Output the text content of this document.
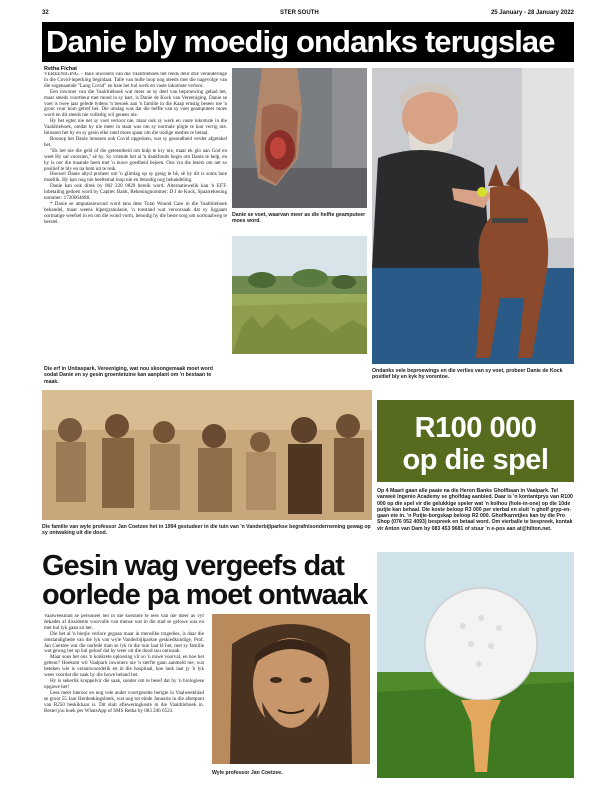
32	STER SOUTH	25 January - 28 January 2022
Danie bly moedig ondanks terugslae
Retha Fichat

VEREENIGING. - Baie inwoners van die Vaaldriehoek het reeds deur drie veranderinge in die Covid-inperking beginlaat. Talle van hulle loop nog steeds met die nagevolge van die sogenaamde "Lang Covid" en baie het hul werk en vaste inkomste verloor.

Een inwoner van die Vaaldriehoek wat meer as sy deel van beproewing gehad het, maar steeds voortbeur met moed in sy hart, is Danie de Kock van Vereeniging. Danie se voet is twee jaar gelede tydens 'n besoek aan 'n familie in die Kaap ernstig beseer toe 'n groot vuur hom getref het. Die uitslag was dat die helfte van sy voet geamputeer moes word en dit steeds nie volledig wil genees nie.

Hy het egter nie net sy voet verloor nie, maar ook sy werk en vaste inkomste in die Vaaldriehoek, omdat hy nie meer in staat was om sy normale pligte te kon verrig nie. Intussen het hy en sy gesin elke rand moes spaar om die nodige medies te betaal.

Boonop het Danie intussen ook Covid opgedoen, wat sy gesondheid verder afgetakel het.

"Ek het nie die geld of die geleentheid om hulp te kry nie, maar ek glo aan God en weet Hy sal voorsien," sê hy. Sy vriende het al 'n dankfonds begin om Danie te help, en hy is oor die maande heen met 'n nuwe goedheid bejeen. Ons vra die lesers om net so positief te bly en na hom uit te reik.

Hoewel Danie altyd probeer om 'n glimlag op sy gesig te hê, sê hy dit is soms baie moeilik. Hy kan nog nie heeltemal loop nie en benodig nog behandeling.

Danie kan ook direk by 082 220 0829 bereik word. Alternatiewelik kan 'n EFT-inbetaling gedoen word by Capitec Bank, Rekeningnommer: D J de Kock, Spaarrekening nommer: 1720064688.

* Danie se amputasiewond word tans deur Total Wound Care in die Vaaldriehoek behandel, maar weens hipergranulasie, 'n toestand wat veroorsaak dat sy liggaam oormatige weefsel in en om die wond vorm, benodig hy die beste sorg om normaalweg te herstel.

Die erf in Unitaspark, Vereeniging, wat nou skoongemaak moet word sodat Danie en sy gesin groentetuine kan aanplant om 'n bestaan te maak.
Danie se voet, waarvan meer as die helfte geamputeer moes word.
Ondanks vele beproewings en die verlies van sy voet, probeer Danie de Kock positief bly en kyk hy vorentoe.
Die familie van wyle professor Jan Coetzee het in 1994 gestudeer in die tuin van 'n Vanderbijlparkse begrafnisonderneming gewag op sy ontwaking uit die dood.
R100 000
op die spel
Op 4 Maart gaan alle paaie na die Heron Banks Gholfbaan in Vaalpark. Tel vanweë Ingenio Academy se gholfdag aanbied. Daar is 'n kontantprys van R100 000 op die spel vir die gelukkige speler wat 'n kolhou (hole-in-one) op die 10de putjie kan behaal. Die koste beloop R3 000 per vierbal en sluit 'n gholf gryp-en-gaan ete in. 'n Putjie-borgskap beloop R2 000. Gholfkarretjies kan by die Pro Shop (076 052 4093) bespreek en betaal word. Om vierballe te bespreek, kontak vir Anton van Dam by 083 453 9681 of stuur 'n e-pos aan at@hilton.net.
Gesin wag vergeefs dat
oorlede pa moet ontwaak

Vaalweekblad se personeel het in die koerante te lees van die meer as vyf dekades af dissidente voorvalle van mense wat in die stad se gelowe was en met hul lyk gaan sit het.

Die het al 'n bietjie verlore gegaan maar in menslike tragedies, is daar die omstandighede van die lyk van wyle Vanderbijlparkse geskiedkundige, Prof. Jan Coetzee wat die oorlede man se lyk in die tuin laat lê het, met sy familie wat gewag het op hul geloof dat hy weer uit die dood sou ontwaak.

Maar soos het ons 'n konkrete oplossing vir so 'n nuwe voorval, en hoe het gebeur? Hoekom wil Vaalpark inwoners nie 'n sterfte gaan aanmeld nie, wat beteken wie is verantwoordelik en in die hospitaal, hoe lank laat jy 'n lyk wees voordat die saak by die howe beland het.

Hy is sekerlik kruppelvir die saak, sonder om te besef dat hy 'n biologiese opgawe het!

Lees meer hieroor en nog vele ander voortgesette berigte in Vaalweekblad se groot 55 Jaar Herdenkingsboek, wat nog tot einde Januarie in die afsetpunt van R250 beskikbaar is. Dit sluit afleweringkoste in die Vaaldriehoek in. Bestel jou boek per WhatsApp of SMS Retha by 083 246 0523.

Wyle professor Jan Coetzee.
